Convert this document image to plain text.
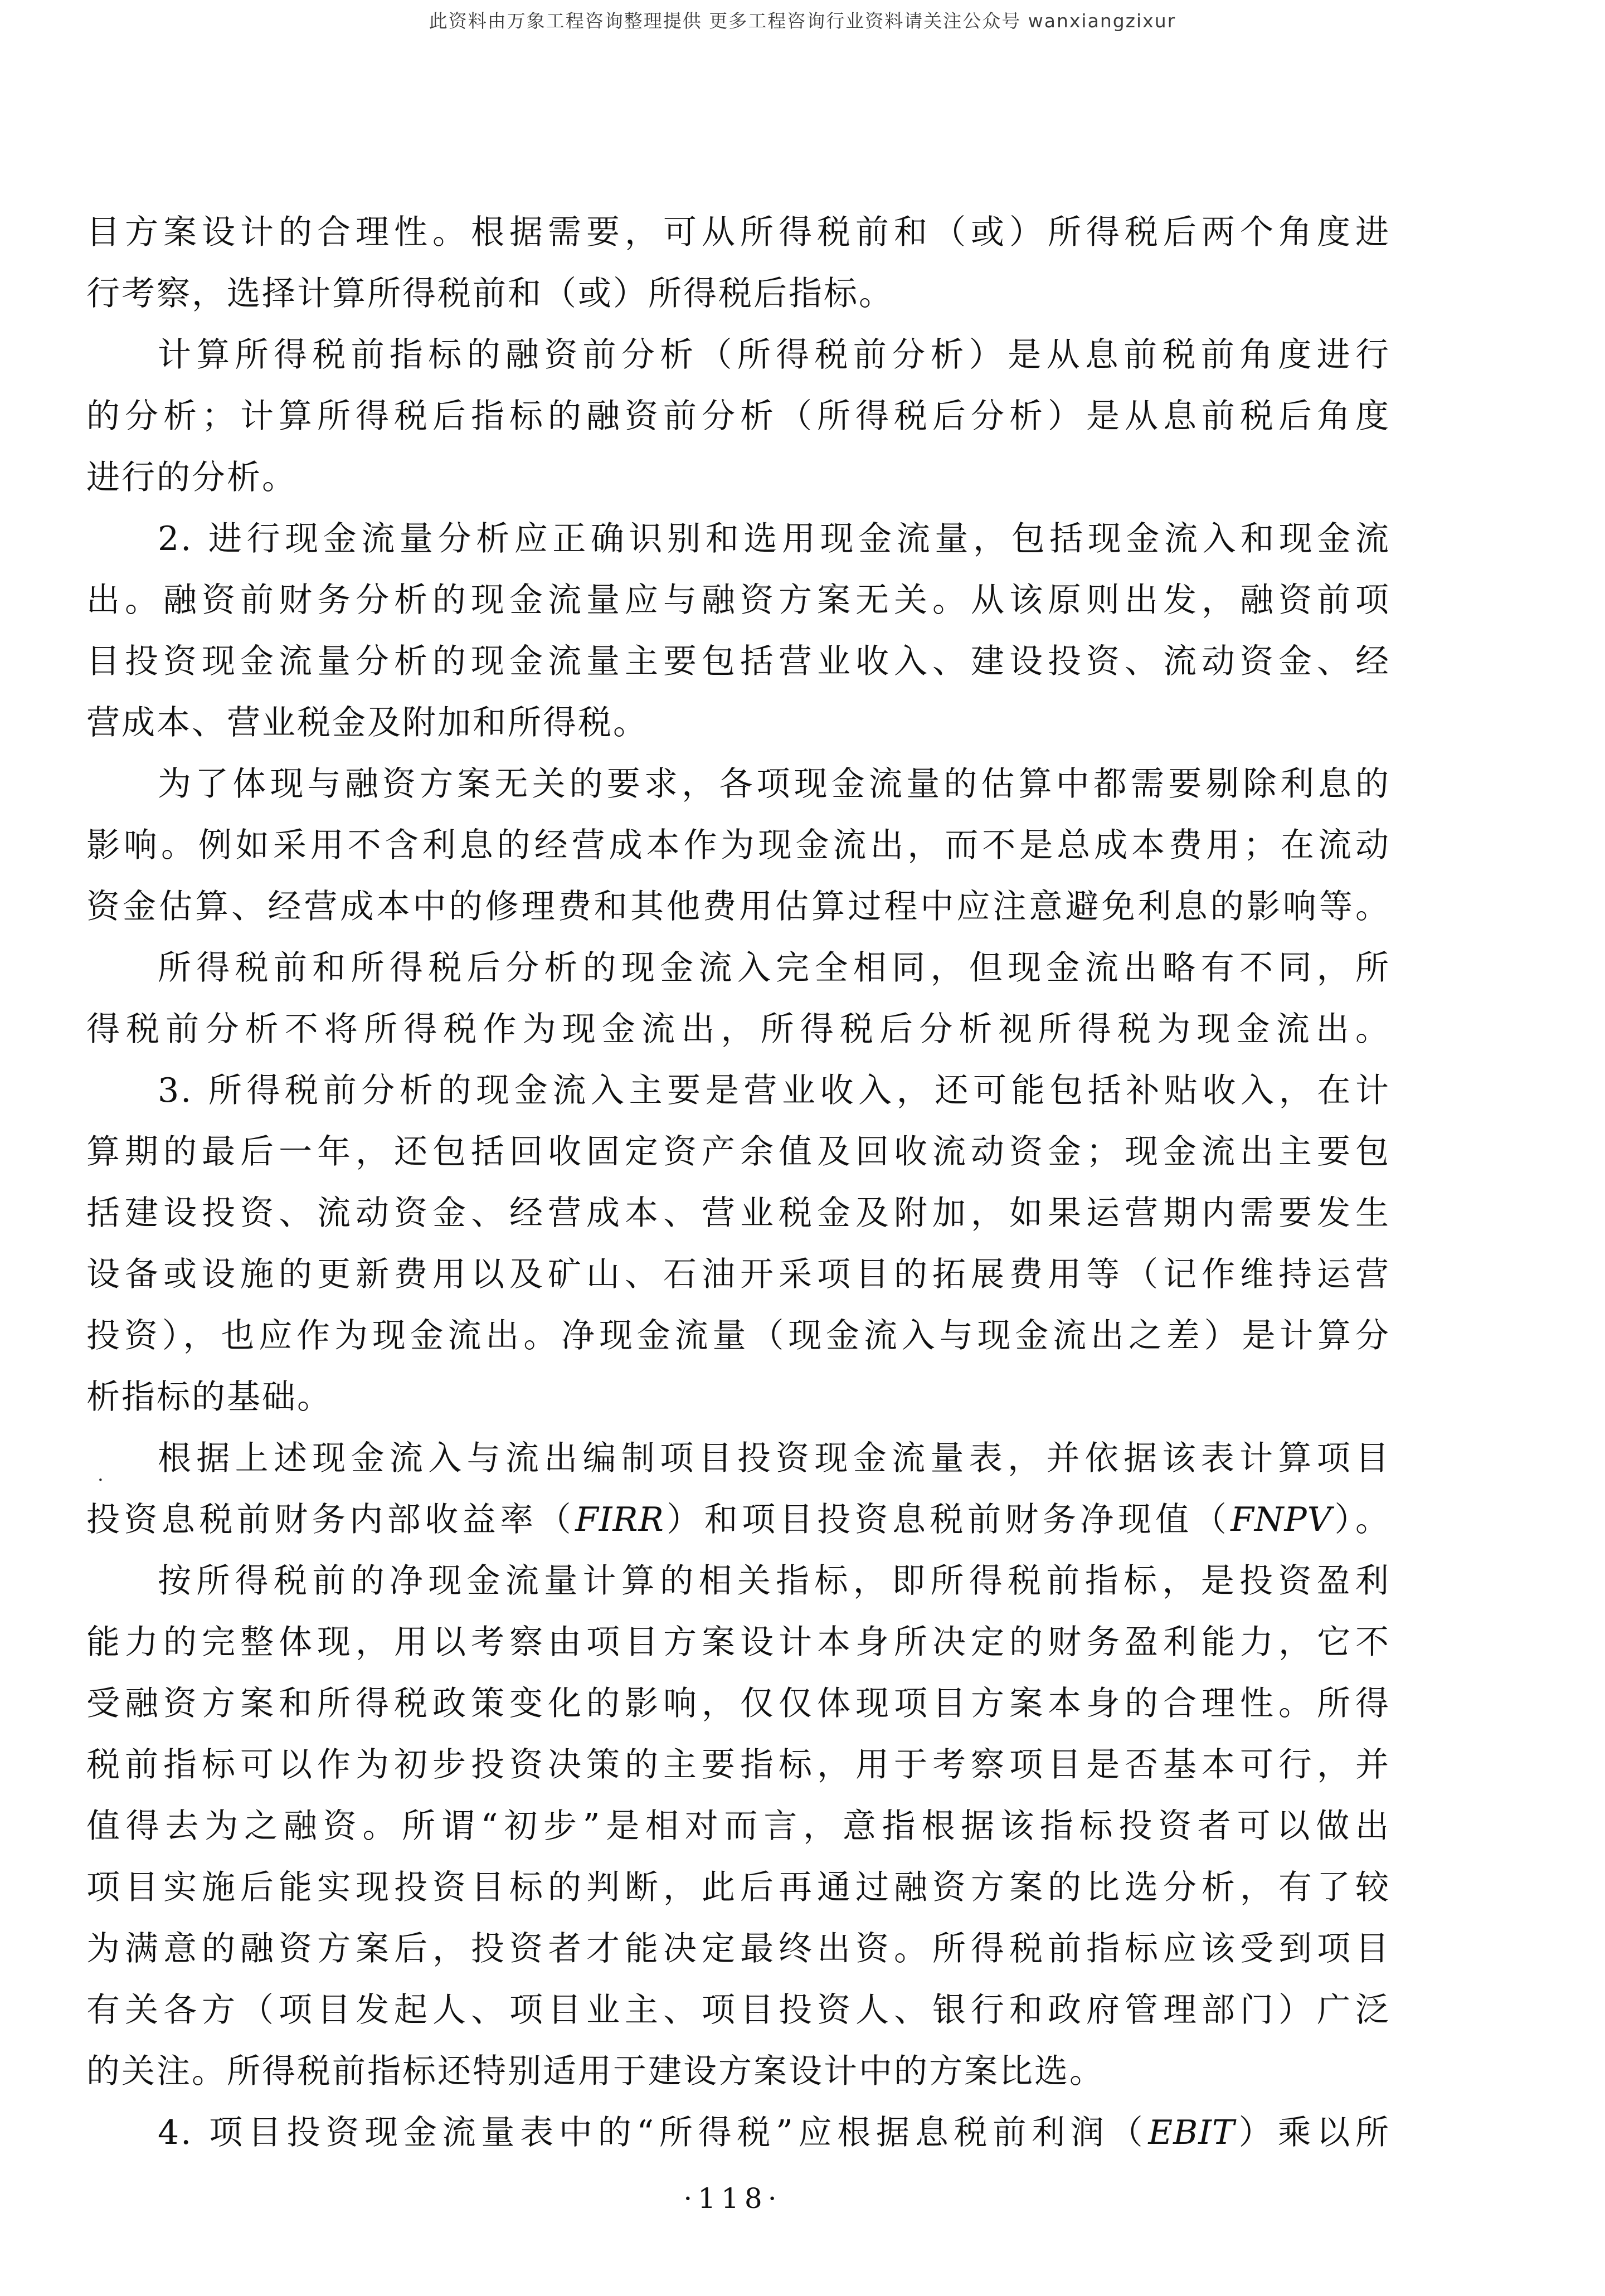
此资料由万象工程咨询整理提供 更多工程咨询行业资料请关注公众号 wanxiangzixur
·
目方案设计的合理性。根据需要，可从所得税前和（或）所得税后两个角度进
行考察，选择计算所得税前和（或）所得税后指标。
计算所得税前指标的融资前分析（所得税前分析）是从息前税前角度进行
的分析；计算所得税后指标的融资前分析（所得税后分析）是从息前税后角度
进行的分析。
2. 进行现金流量分析应正确识别和选用现金流量，包括现金流入和现金流
出。融资前财务分析的现金流量应与融资方案无关。从该原则出发，融资前项
目投资现金流量分析的现金流量主要包括营业收入、建设投资、流动资金、经
营成本、营业税金及附加和所得税。
为了体现与融资方案无关的要求，各项现金流量的估算中都需要剔除利息的
影响。例如采用不含利息的经营成本作为现金流出，而不是总成本费用；在流动
资金估算、经营成本中的修理费和其他费用估算过程中应注意避免利息的影响等。
所得税前和所得税后分析的现金流入完全相同，但现金流出略有不同，所
得税前分析不将所得税作为现金流出，所得税后分析视所得税为现金流出。
3. 所得税前分析的现金流入主要是营业收入，还可能包括补贴收入，在计
算期的最后一年，还包括回收固定资产余值及回收流动资金；现金流出主要包
括建设投资、流动资金、经营成本、营业税金及附加，如果运营期内需要发生
设备或设施的更新费用以及矿山、石油开采项目的拓展费用等（记作维持运营
投资），也应作为现金流出。净现金流量（现金流入与现金流出之差）是计算分
析指标的基础。
根据上述现金流入与流出编制项目投资现金流量表，并依据该表计算项目
投资息税前财务内部收益率（FIRR）和项目投资息税前财务净现值（FNPV）。
按所得税前的净现金流量计算的相关指标，即所得税前指标，是投资盈利
能力的完整体现，用以考察由项目方案设计本身所决定的财务盈利能力，它不
受融资方案和所得税政策变化的影响，仅仅体现项目方案本身的合理性。所得
税前指标可以作为初步投资决策的主要指标，用于考察项目是否基本可行，并
值得去为之融资。所谓“初步”是相对而言，意指根据该指标投资者可以做出
项目实施后能实现投资目标的判断，此后再通过融资方案的比选分析，有了较
为满意的融资方案后，投资者才能决定最终出资。所得税前指标应该受到项目
有关各方（项目发起人、项目业主、项目投资人、银行和政府管理部门）广泛
的关注。所得税前指标还特别适用于建设方案设计中的方案比选。
4. 项目投资现金流量表中的“所得税”应根据息税前利润（EBIT）乘以所
·118·
